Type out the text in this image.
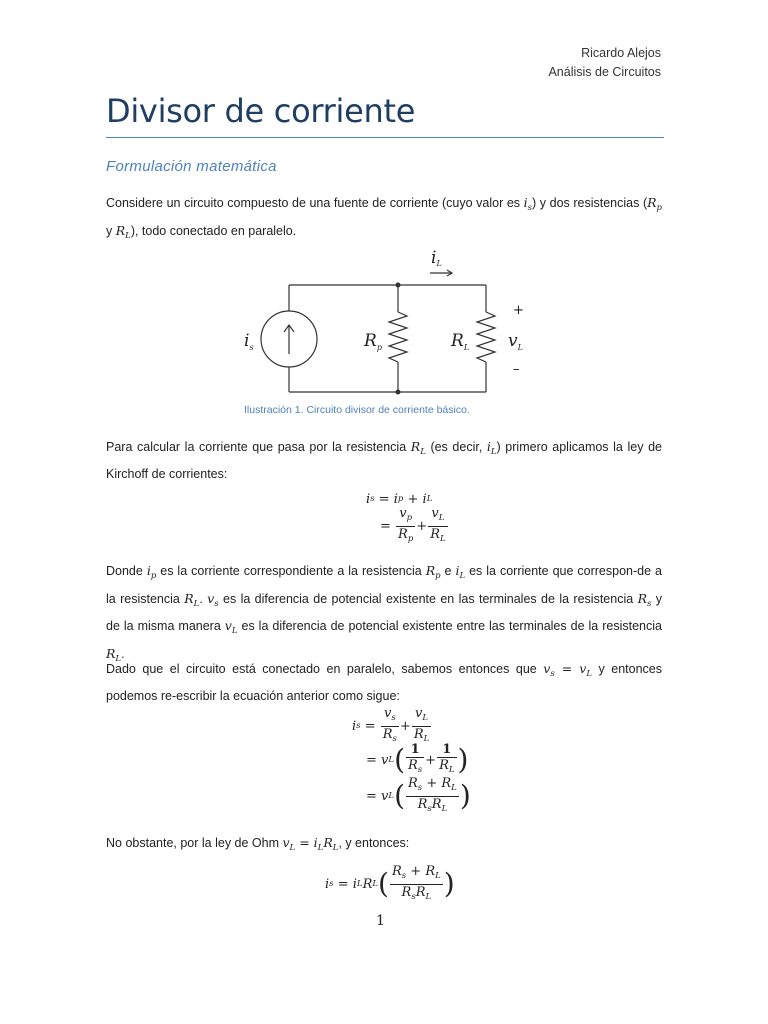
Ricardo Alejos
Análisis de Circuitos
Divisor de corriente
Formulación matemática
Considere un circuito compuesto de una fuente de corriente (cuyo valor es $i_s$) y dos resistencias ($R_p$ y $R_L$), todo conectado en paralelo.
iL
$i_s$	$R_p$	$R_L$ $v_L$
+
–
Ilustración 1. Circuito divisor de corriente básico.
Para calcular la corriente que pasa por la resistencia $R_L$ (es decir, $i_L$) primero aplicamos la ley de Kirchoff de corrientes:
i s
=
i p
+
i L
=
$\frac{v_p}{R_p} + \frac{v_L}{R_L}$
Donde $i_p$ es la corriente correspondiente a la resistencia $R_p$ e $i_L$ es la corriente que correspon-de a la resistencia $R_L$. $v_s$ es la diferencia de potencial existente en las terminales de la resistencia $R_s$ y de la misma manera $v_L$ es la diferencia de potencial existente entre las terminales de la resistencia $R_L$.
Dado que el circuito está conectado en paralelo, sabemos entonces que $v_s = v_L$ y entonces podemos re-escribir la ecuación anterior como sigue:
i s
=
$\frac{v_s}{R_s} + \frac{v_L}{R_L}$
=
v L ( $\frac{1}{R_s} + \frac{1}{R_L}$ )
=
v L ( $\frac{R_s + R_L}{R_sR_L}$ )
No obstante, por la ley de Ohm $v_L = i_LR_L$, y entonces:
i s
=
i L R L ( $\frac{R_s + R_L}{R_sR_L}$ )
1
